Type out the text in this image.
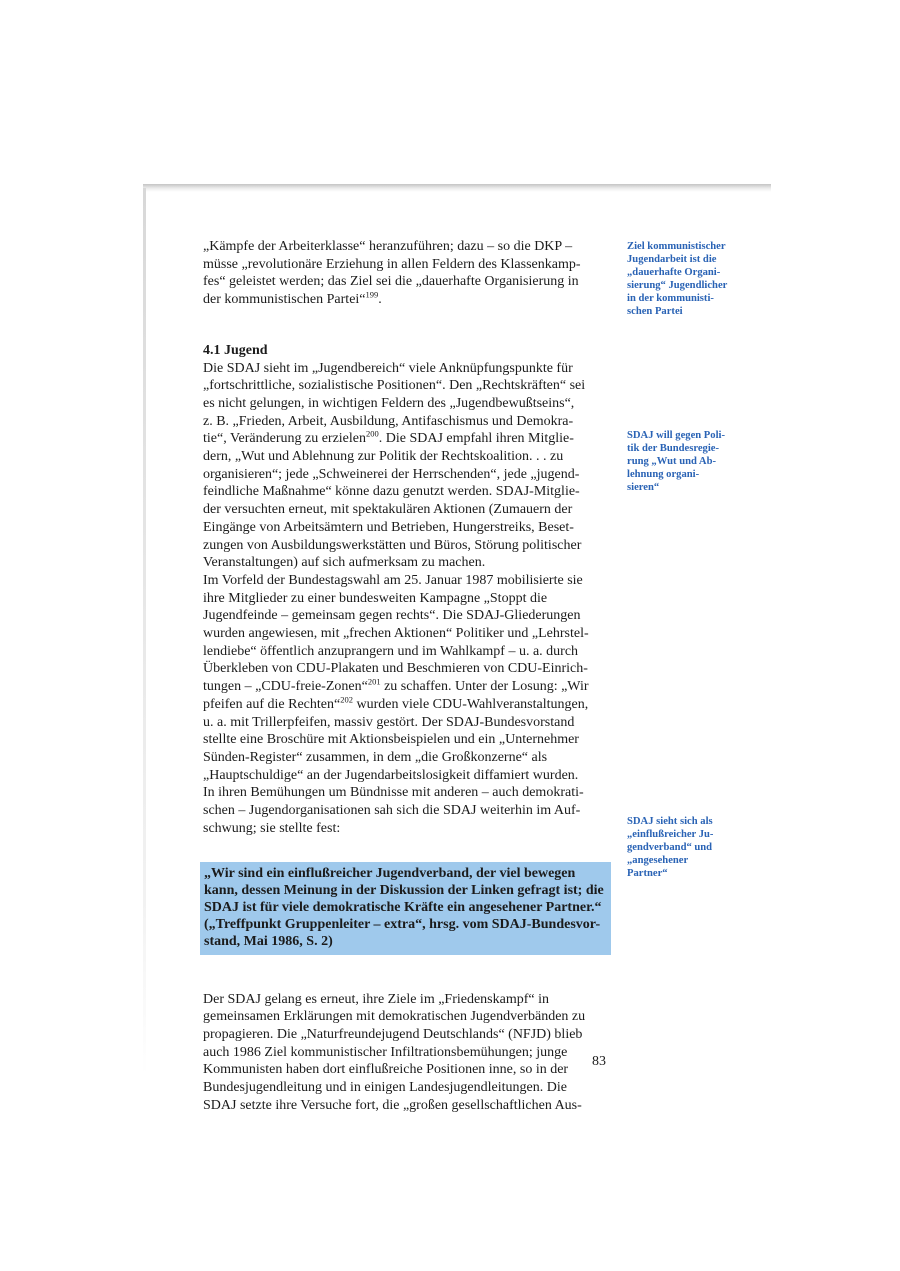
„Kämpfe der Arbeiterklasse“ heranzuführen; dazu – so die DKP –
müsse „revolutionäre Erziehung in allen Feldern des Klassenkamp-
fes“ geleistet werden; das Ziel sei die „dauerhafte Organisierung in
der kommunistischen Partei“$^{199}$.

4.1 Jugend

Die SDAJ sieht im „Jugendbereich“ viele Anknüpfungspunkte für
„fortschrittliche, sozialistische Positionen“. Den „Rechtskräften“ sei
es nicht gelungen, in wichtigen Feldern des „Jugendbewußtseins“,
z. B. „Frieden, Arbeit, Ausbildung, Antifaschismus und Demokra-
tie“, Veränderung zu erzielen$^{200}$. Die SDAJ empfahl ihren Mitglie-
dern, „Wut und Ablehnung zur Politik der Rechtskoalition. . . zu
organisieren“; jede „Schweinerei der Herrschenden“, jede „jugend-
feindliche Maßnahme“ könne dazu genutzt werden. SDAJ-Mitglie-
der versuchten erneut, mit spektakulären Aktionen (Zumauern der
Eingänge von Arbeitsämtern und Betrieben, Hungerstreiks, Beset-
zungen von Ausbildungswerkstätten und Büros, Störung politischer
Veranstaltungen) auf sich aufmerksam zu machen.

Im Vorfeld der Bundestagswahl am 25. Januar 1987 mobilisierte sie
ihre Mitglieder zu einer bundesweiten Kampagne „Stoppt die
Jugendfeinde – gemeinsam gegen rechts“. Die SDAJ-Gliederungen
wurden angewiesen, mit „frechen Aktionen“ Politiker und „Lehrstel-
lendiebe“ öffentlich anzuprangern und im Wahlkampf – u. a. durch
Überkleben von CDU-Plakaten und Beschmieren von CDU-Einrich-
tungen – „CDU-freie-Zonen“$^{201}$ zu schaffen. Unter der Losung: „Wir
pfeifen auf die Rechten“$^{202}$ wurden viele CDU-Wahlveranstaltungen,
u. a. mit Trillerpfeifen, massiv gestört. Der SDAJ-Bundesvorstand
stellte eine Broschüre mit Aktionsbeispielen und ein „Unternehmer
Sünden-Register“ zusammen, in dem „die Großkonzerne“ als
„Hauptschuldige“ an der Jugendarbeitslosigkeit diffamiert wurden.

In ihren Bemühungen um Bündnisse mit anderen – auch demokrati-
schen – Jugendorganisationen sah sich die SDAJ weiterhin im Auf-
schwung; sie stellte fest:

„Wir sind ein einflußreicher Jugendverband, der viel bewegen
kann, dessen Meinung in der Diskussion der Linken gefragt ist; die
SDAJ ist für viele demokratische Kräfte ein angesehener Partner.“
(„Treffpunkt Gruppenleiter – extra“, hrsg. vom SDAJ-Bundesvor-
stand, Mai 1986, S. 2)

Der SDAJ gelang es erneut, ihre Ziele im „Friedenskampf“ in
gemeinsamen Erklärungen mit demokratischen Jugendverbänden zu
propagieren. Die „Naturfreundejugend Deutschlands“ (NFJD) blieb
auch 1986 Ziel kommunistischer Infiltrationsbemühungen; junge
Kommunisten haben dort einflußreiche Positionen inne, so in der
Bundesjugendleitung und in einigen Landesjugendleitungen. Die
SDAJ setzte ihre Versuche fort, die „großen gesellschaftlichen Aus-

Ziel kommunistischer
Jugendarbeit ist die
„dauerhafte Organi-
sierung“ Jugendlicher
in der kommunisti-
schen Partei
SDAJ will gegen Poli-
tik der Bundesregie-
rung „Wut und Ab-
lehnung organi-
sieren“
SDAJ sieht sich als
„einflußreicher Ju-
gendverband“ und
„angesehener
Partner“
83
